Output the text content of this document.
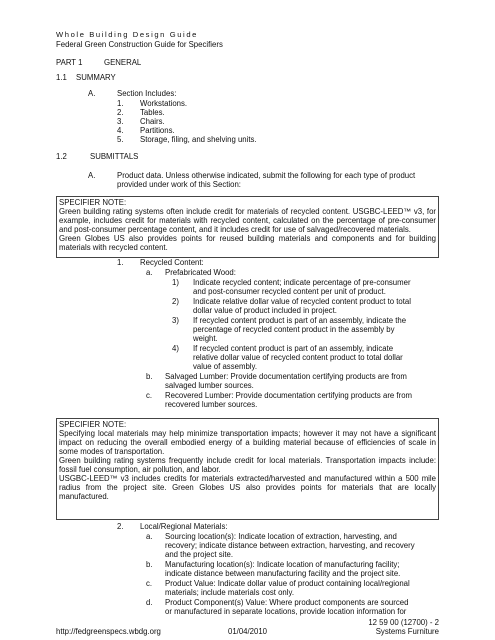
Whole Building Design Guide
Federal Green Construction Guide for Specifiers
PART 1	GENERAL
1.1 SUMMARY
A.	Section Includes:
1. Workstations.
2. Tables.
3. Chairs.
4. Partitions.
5. Storage, filing, and shelving units.
1.2	SUBMITTALS
A.	Product data. Unless otherwise indicated, submit the following for each type of product
provided under work of this Section:
SPECIFIER NOTE:

Green building rating systems often include credit for materials of recycled content. USGBC-LEED™ v3, for example, includes credit for materials with recycled content, calculated on the percentage of pre-consumer and post-consumer percentage content, and it includes credit for use of salvaged/recovered materials.

Green Globes US also provides points for reused building materials and components and for building materials with recycled content.

1. Recycled Content:
a. Prefabricated Wood:
1) Indicate recycled content; indicate percentage of pre-consumer
and post-consumer recycled content per unit of product.
2) Indicate relative dollar value of recycled content product to total
dollar value of product included in project.
3) If recycled content product is part of an assembly, indicate the
percentage of recycled content product in the assembly by
weight.
4) If recycled content product is part of an assembly, indicate
relative dollar value of recycled content product to total dollar
value of assembly.
b. Salvaged Lumber: Provide documentation certifying products are from
salvaged lumber sources.
c. Recovered Lumber: Provide documentation certifying products are from
recovered lumber sources.
SPECIFIER NOTE:

Specifying local materials may help minimize transportation impacts; however it may not have a significant impact on reducing the overall embodied energy of a building material because of efficiencies of scale in some modes of transportation.

Green building rating systems frequently include credit for local materials. Transportation impacts include: fossil fuel consumption, air pollution, and labor.

USGBC-LEED™ v3 includes credits for materials extracted/harvested and manufactured within a 500 mile radius from the project site. Green Globes US also provides points for materials that are locally manufactured.

2. Local/Regional Materials:
a. Sourcing location(s): Indicate location of extraction, harvesting, and
recovery; indicate distance between extraction, harvesting, and recovery
and the project site.
b. Manufacturing location(s): Indicate location of manufacturing facility;
indicate distance between manufacturing facility and the project site.
c. Product Value: Indicate dollar value of product containing local/regional
materials; include materials cost only.
d. Product Component(s) Value: Where product components are sourced
or manufactured in separate locations, provide location information for
12 59 00 (12700) - 2
http://fedgreenspecs.wbdg.org	01/04/2010	Systems Furniture
